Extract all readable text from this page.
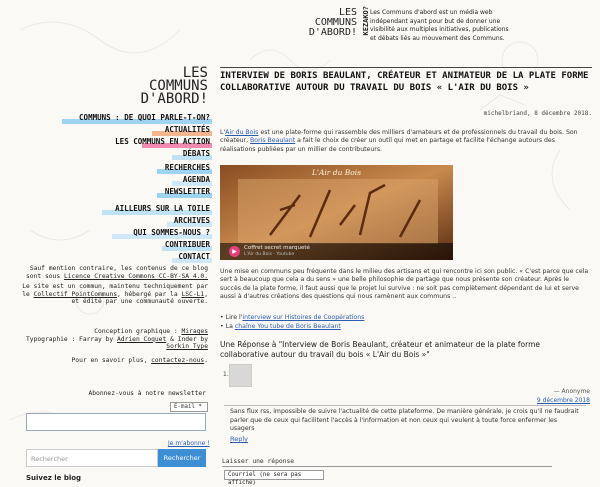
LES
COMMUNS
D'ABORD! KEZAKO? Les Communs d'abord est un média web indépendant ayant pour but de donner une visibilité aux multiples initiatives, publications et débats liés au mouvement des Communs.
LES
COMMUNS
D'ABORD!
COMMUNS : DE QUOI PARLE-T-ON?
ACTUALITÉS
LES COMMUNS EN ACTION
DÉBATS
RECHERCHES
AGENDA
NEWSLETTER
AILLEURS SUR LA TOILE
ARCHIVES
QUI SOMMES-NOUS ?
CONTRIBUER
CONTACT
Sauf mention contraire, les contenus de ce blog sont sous Licence Creative Commons CC-BY-SA 4.0.
Le site est un commun, maintenu techniquement par le Collectif PointCommuns, hébergé par la LSC-L1, et édité par une communauté ouverte.
Conception graphique : Mirages
Typographie : Farray by Adrien Coquet & Inder by Sorkin Type
Pour en savoir plus, contactez-nous.
Abonnez-vous à notre newsletter
E-mail *
Je m'abonne !
Rechercher	Rechercher
Suivez le blog
INTERVIEW DE BORIS BEAULANT, CRÉATEUR ET ANIMATEUR DE LA PLATE FORME COLLABORATIVE AUTOUR DU TRAVAIL DU BOIS « L'AIR DU BOIS »
michelbriand, 8 décembre 2018.
L'Air du Bois est une plate-forme qui rassemble des milliers d'amateurs et de professionnels du travail du bois. Son créateur, Boris Beaulant a fait le choix de créer un outil qui met en partage et facilite l'échange autours des réalisations publiées par un millier de contributeurs.
L'Air du Bois
▶	Coffret secret marqueté
L'Air du Bois · Youtube
Une mise en communs peu fréquente dans le milieu des artisans et qui rencontre ici son public. « C'est parce que cela sert à beaucoup que cela a du sens » une belle philosophie de partage que nous présente son créateur. Après le succès de la plate forme, il faut aussi que le projet lui survive : ne soit pas complètement dépendant de lui et serve aussi à d'autres créations des questions qui nous ramènent aux communs ..
• Lire l'interview sur Histoires de Coopérations
• La chaîne You tube de Boris Beaulant
Une Réponse à "Interview de Boris Beaulant, créateur et animateur de la plate forme collaborative autour du travail du bois « L'Air du Bois »"
1.
— Anonyme
9 décembre 2018
Sans flux rss, impossible de suivre l'actualité de cette plateforme. De manière générale, je crois qu'il ne faudrait parler que de ceux qui facilitent l'accès à l'information et non ceux qui veulent à toute force enfermer les usagers
Reply
Laisser une réponse
Courriel (ne sera pas affiché)
